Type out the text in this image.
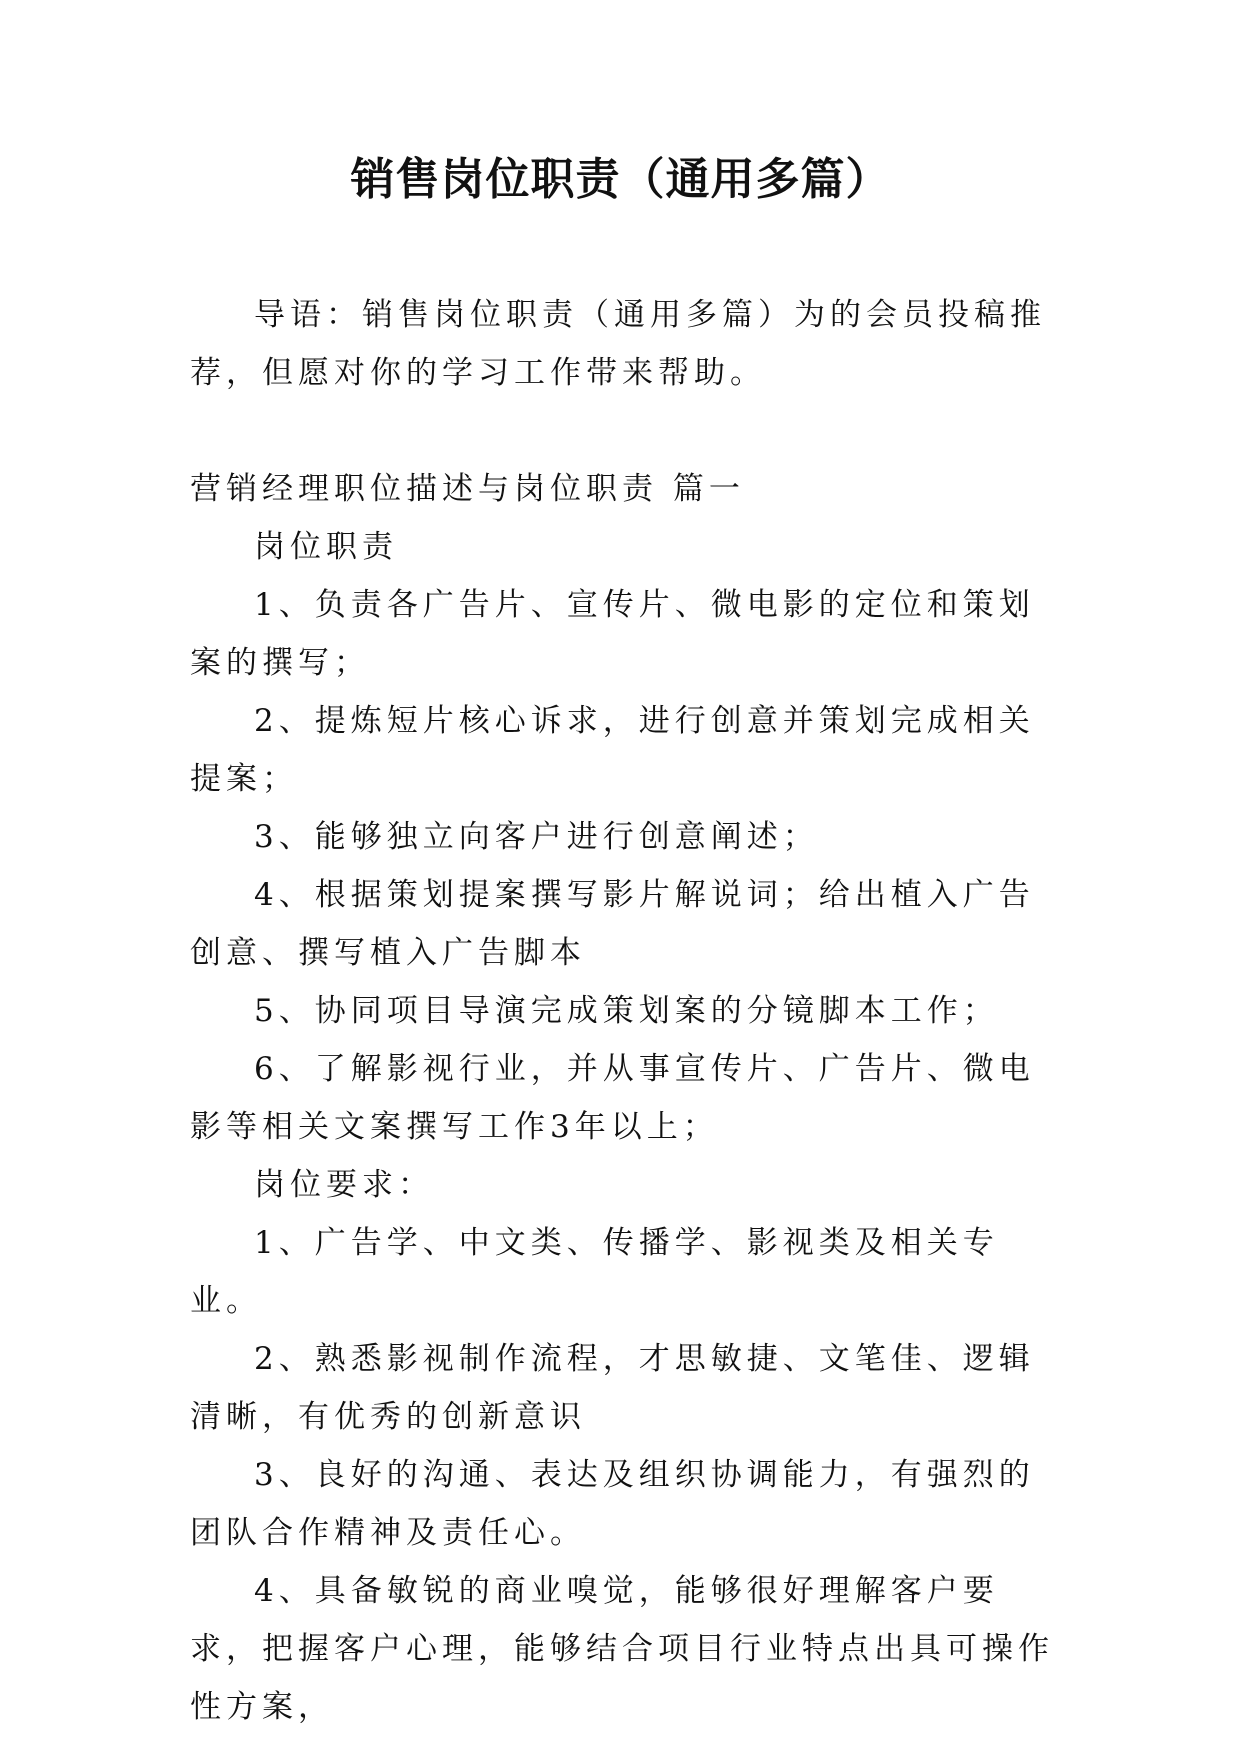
销售岗位职责（通用多篇）

导语：销售岗位职责（通用多篇）为的会员投稿推荐，但愿对你的学习工作带来帮助。

营销经理职位描述与岗位职责 篇一

岗位职责

1、负责各广告片、宣传片、微电影的定位和策划案的撰写；

2、提炼短片核心诉求，进行创意并策划完成相关提案；

3、能够独立向客户进行创意阐述；

4、根据策划提案撰写影片解说词；给出植入广告创意、撰写植入广告脚本

5、协同项目导演完成策划案的分镜脚本工作；

6、了解影视行业，并从事宣传片、广告片、微电影等相关文案撰写工作3年以上；

岗位要求：

1、广告学、中文类、传播学、影视类及相关专业。

2、熟悉影视制作流程，才思敏捷、文笔佳、逻辑清晰，有优秀的创新意识

3、良好的沟通、表达及组织协调能力，有强烈的团队合作精神及责任心。

4、具备敏锐的商业嗅觉，能够很好理解客户要求，把握客户心理，能够结合项目行业特点出具可操作性方案，
